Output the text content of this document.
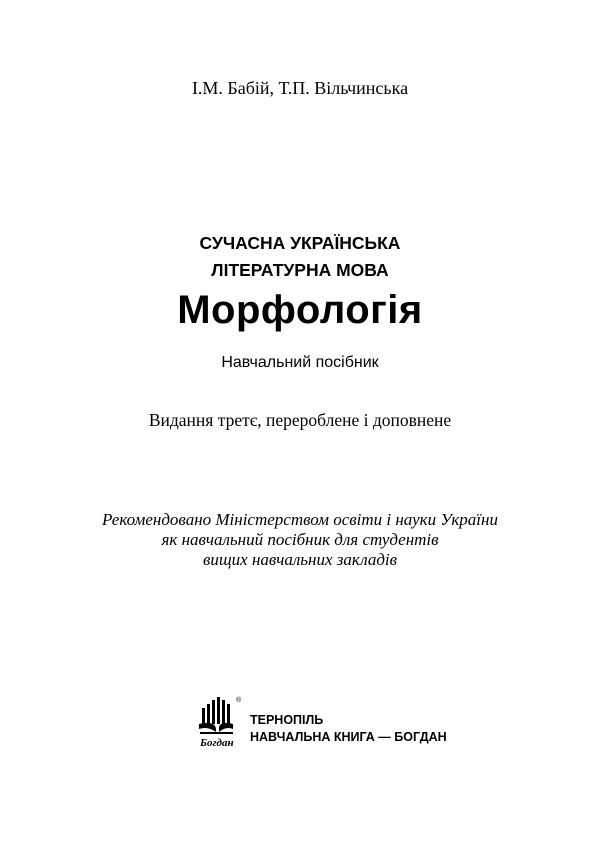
І.М. Бабій, Т.П. Вільчинська
СУЧАСНА УКРАЇНСЬКА
ЛІТЕРАТУРНА МОВА
Морфологія
Навчальний посібник
Видання третє, перероблене і доповнене
Рекомендовано Міністерством освіти і науки України
як навчальний посібник для студентів
вищих навчальних закладів
®
Богдан
ТЕРНОПІЛЬ
НАВЧАЛЬНА КНИГА — БОГДАН
